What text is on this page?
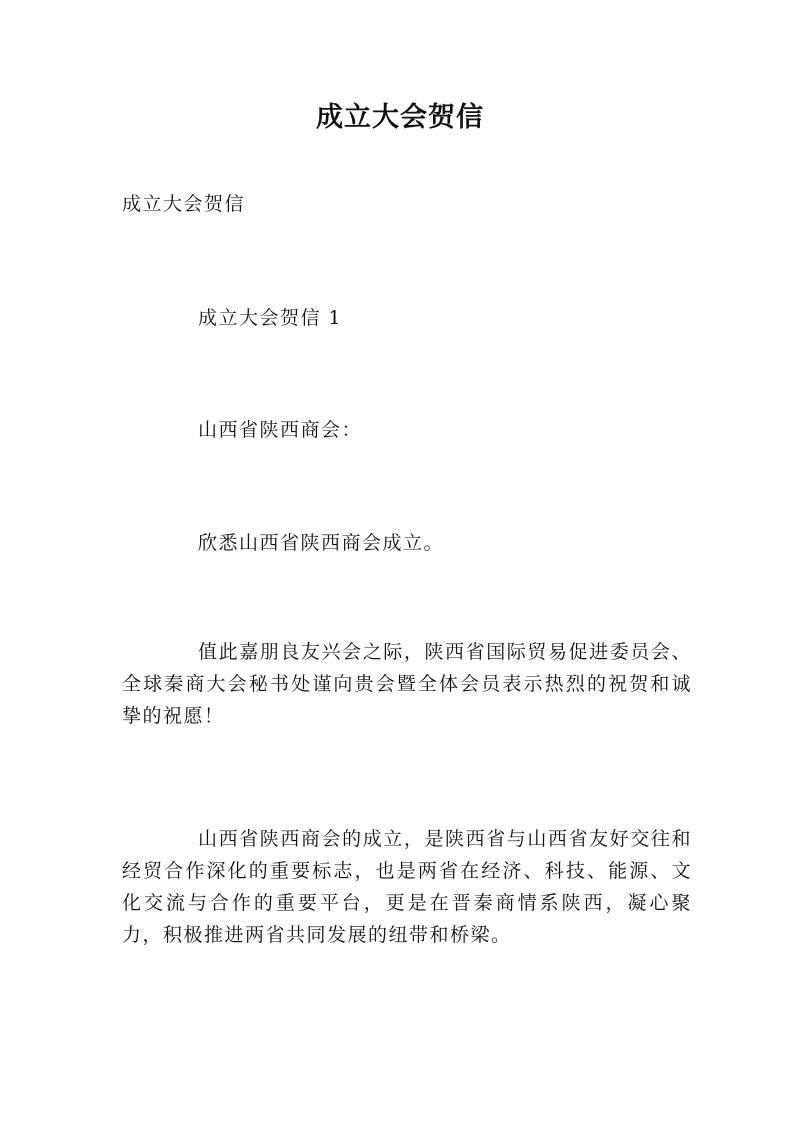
成立大会贺信

成立大会贺信

成立大会贺信 1

山西省陕西商会：

欣悉山西省陕西商会成立。

值此嘉朋良友兴会之际，陕西省国际贸易促进委员会、全球秦商大会秘书处谨向贵会暨全体会员表示热烈的祝贺和诚挚的祝愿！

山西省陕西商会的成立，是陕西省与山西省友好交往和经贸合作深化的重要标志，也是两省在经济、科技、能源、文化交流与合作的重要平台，更是在晋秦商情系陕西，凝心聚力，积极推进两省共同发展的纽带和桥梁。
